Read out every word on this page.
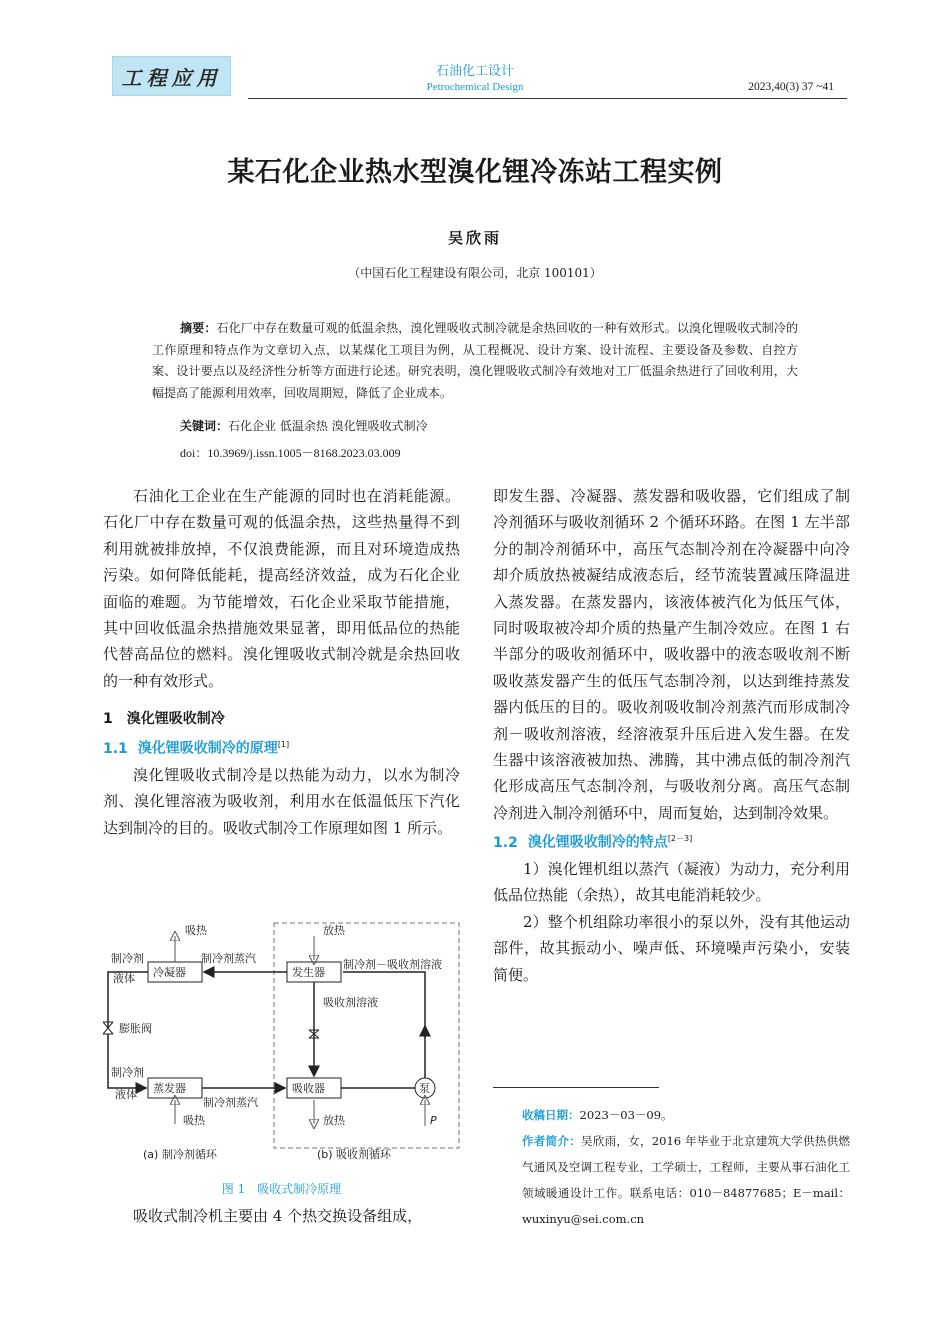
工程应用	石油化工设计
Petrochemical Design	2023,40(3) 37 ~41
某石化企业热水型溴化锂冷冻站工程实例
吴欣雨
（中国石化工程建设有限公司，北京 100101）
摘要：石化厂中存在数量可观的低温余热，溴化锂吸收式制冷就是余热回收的一种有效形式。以溴化锂吸收式制冷的工作原理和特点作为文章切入点，以某煤化工项目为例，从工程概况、设计方案、设计流程、主要设备及参数、自控方案、设计要点以及经济性分析等方面进行论述。研究表明，溴化锂吸收式制冷有效地对工厂低温余热进行了回收利用，大幅提高了能源利用效率，回收周期短，降低了企业成本。
关键词：石化企业 低温余热 溴化锂吸收式制冷
doi：10.3969/j.issn.1005－8168.2023.03.009

石油化工企业在生产能源的同时也在消耗能源。石化厂中存在数量可观的低温余热，这些热量得不到利用就被排放掉，不仅浪费能源，而且对环境造成热污染。如何降低能耗，提高经济效益，成为石化企业面临的难题。为节能增效，石化企业采取节能措施，其中回收低温余热措施效果显著，即用低品位的热能代替高品位的燃料。溴化锂吸收式制冷就是余热回收的一种有效形式。

1　溴化锂吸收制冷
1.1 溴化锂吸收制冷的原理[1]

溴化锂吸收式制冷是以热能为动力，以水为制冷剂、溴化锂溶液为吸收剂，利用水在低温低压下汽化达到制冷的目的。吸收式制冷工作原理如图 1 所示。

吸热
制冷剂
液体 冷凝器
制冷剂蒸汽
放热
发生器
制冷剂－吸收剂溶液
吸收剂溶液
膨胀阀
制冷剂
液体 蒸发器
制冷剂蒸汽
吸收器	泵
吸热	放热	P
(a) 制冷剂循环	(b) 吸收剂循环
图 1 吸收式制冷原理

吸收式制冷机主要由 4 个热交换设备组成，

即发生器、冷凝器、蒸发器和吸收器，它们组成了制冷剂循环与吸收剂循环 2 个循环环路。在图 1 左半部分的制冷剂循环中，高压气态制冷剂在冷凝器中向冷却介质放热被凝结成液态后，经节流装置减压降温进入蒸发器。在蒸发器内，该液体被汽化为低压气体，同时吸取被冷却介质的热量产生制冷效应。在图 1 右半部分的吸收剂循环中，吸收器中的液态吸收剂不断吸收蒸发器产生的低压气态制冷剂，以达到维持蒸发器内低压的目的。吸收剂吸收制冷剂蒸汽而形成制冷剂－吸收剂溶液，经溶液泵升压后进入发生器。在发生器中该溶液被加热、沸腾，其中沸点低的制冷剂汽化形成高压气态制冷剂，与吸收剂分离。高压气态制冷剂进入制冷剂循环中，周而复始，达到制冷效果。

1.2 溴化锂吸收制冷的特点[2－3]

1）溴化锂机组以蒸汽（凝液）为动力，充分利用低品位热能（余热），故其电能消耗较少。

2）整个机组除功率很小的泵以外，没有其他运动部件，故其振动小、噪声低、环境噪声污染小，安装简便。

收稿日期：2023－03－09。
作者简介：吴欣雨，女，2016 年毕业于北京建筑大学供热供燃气通风及空调工程专业，工学硕士，工程师，主要从事石油化工领域暖通设计工作。联系电话：010－84877685；E－mail：wuxinyu@sei.com.cn
